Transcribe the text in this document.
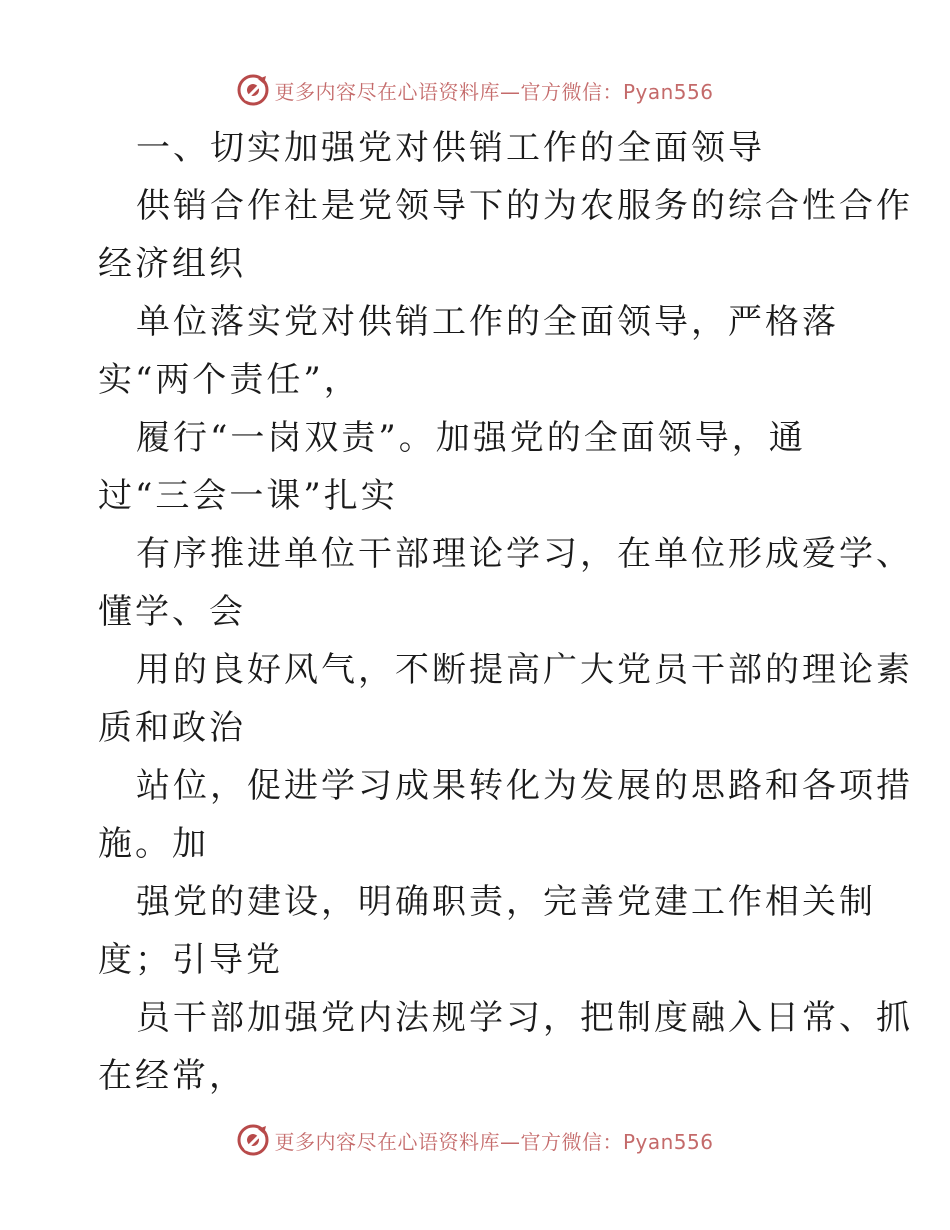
更多内容尽在心语资料库—官方微信：Pyan556
一、切实加强党对供销工作的全面领导
供销合作社是党领导下的为农服务的综合性合作
经济组织
单位落实党对供销工作的全面领导，严格落
实“两个责任”，
履行“一岗双责”。加强党的全面领导，通
过“三会一课”扎实
有序推进单位干部理论学习，在单位形成爱学、
懂学、会
用的良好风气，不断提高广大党员干部的理论素
质和政治
站位，促进学习成果转化为发展的思路和各项措
施。加
强党的建设，明确职责，完善党建工作相关制
度；引导党
员干部加强党内法规学习，把制度融入日常、抓
在经常，
更多内容尽在心语资料库—官方微信：Pyan556
